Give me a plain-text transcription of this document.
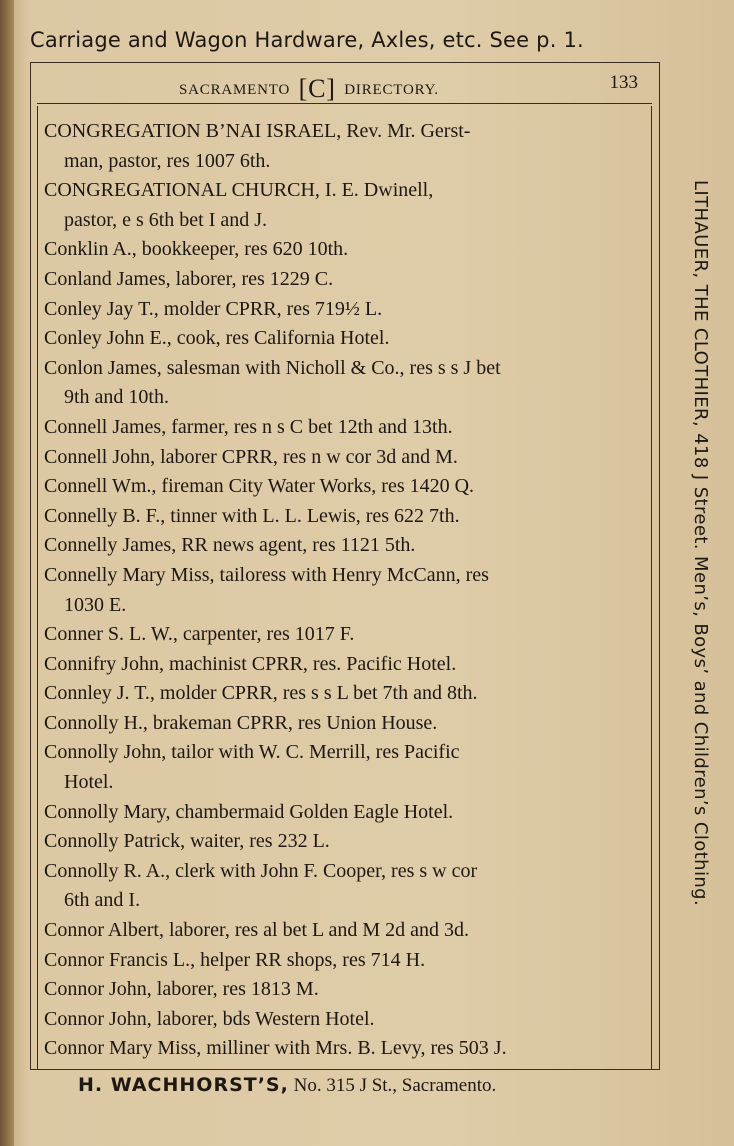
Carriage and Wagon Hardware, Axles, etc. See p. 1.
SACRAMENTO [C] DIRECTORY.	133
CONGREGATION B’NAI ISRAEL, Rev. Mr. Gerst-
man, pastor, res 1007 6th.
CONGREGATIONAL CHURCH, I. E. Dwinell,
pastor, e s 6th bet I and J.
Conklin A., bookkeeper, res 620 10th.
Conland James, laborer, res 1229 C.
Conley Jay T., molder CPRR, res 719½ L.
Conley John E., cook, res California Hotel.
Conlon James, salesman with Nicholl & Co., res s s J bet
9th and 10th.
Connell James, farmer, res n s C bet 12th and 13th.
Connell John, laborer CPRR, res n w cor 3d and M.
Connell Wm., fireman City Water Works, res 1420 Q.
Connelly B. F., tinner with L. L. Lewis, res 622 7th.
Connelly James, RR news agent, res 1121 5th.
Connelly Mary Miss, tailoress with Henry McCann, res
1030 E.
Conner S. L. W., carpenter, res 1017 F.
Connifry John, machinist CPRR, res. Pacific Hotel.
Connley J. T., molder CPRR, res s s L bet 7th and 8th.
Connolly H., brakeman CPRR, res Union House.
Connolly John, tailor with W. C. Merrill, res Pacific
Hotel.
Connolly Mary, chambermaid Golden Eagle Hotel.
Connolly Patrick, waiter, res 232 L.
Connolly R. A., clerk with John F. Cooper, res s w cor
6th and I.
Connor Albert, laborer, res al bet L and M 2d and 3d.
Connor Francis L., helper RR shops, res 714 H.
Connor John, laborer, res 1813 M.
Connor John, laborer, bds Western Hotel.
Connor Mary Miss, milliner with Mrs. B. Levy, res 503 J.
LITHAUER, THE CLOTHIER, 418 J Street. Men’s, Boys’ and Children’s Clothing.
H. WACHHORST’S, No. 315 J St., Sacramento.
